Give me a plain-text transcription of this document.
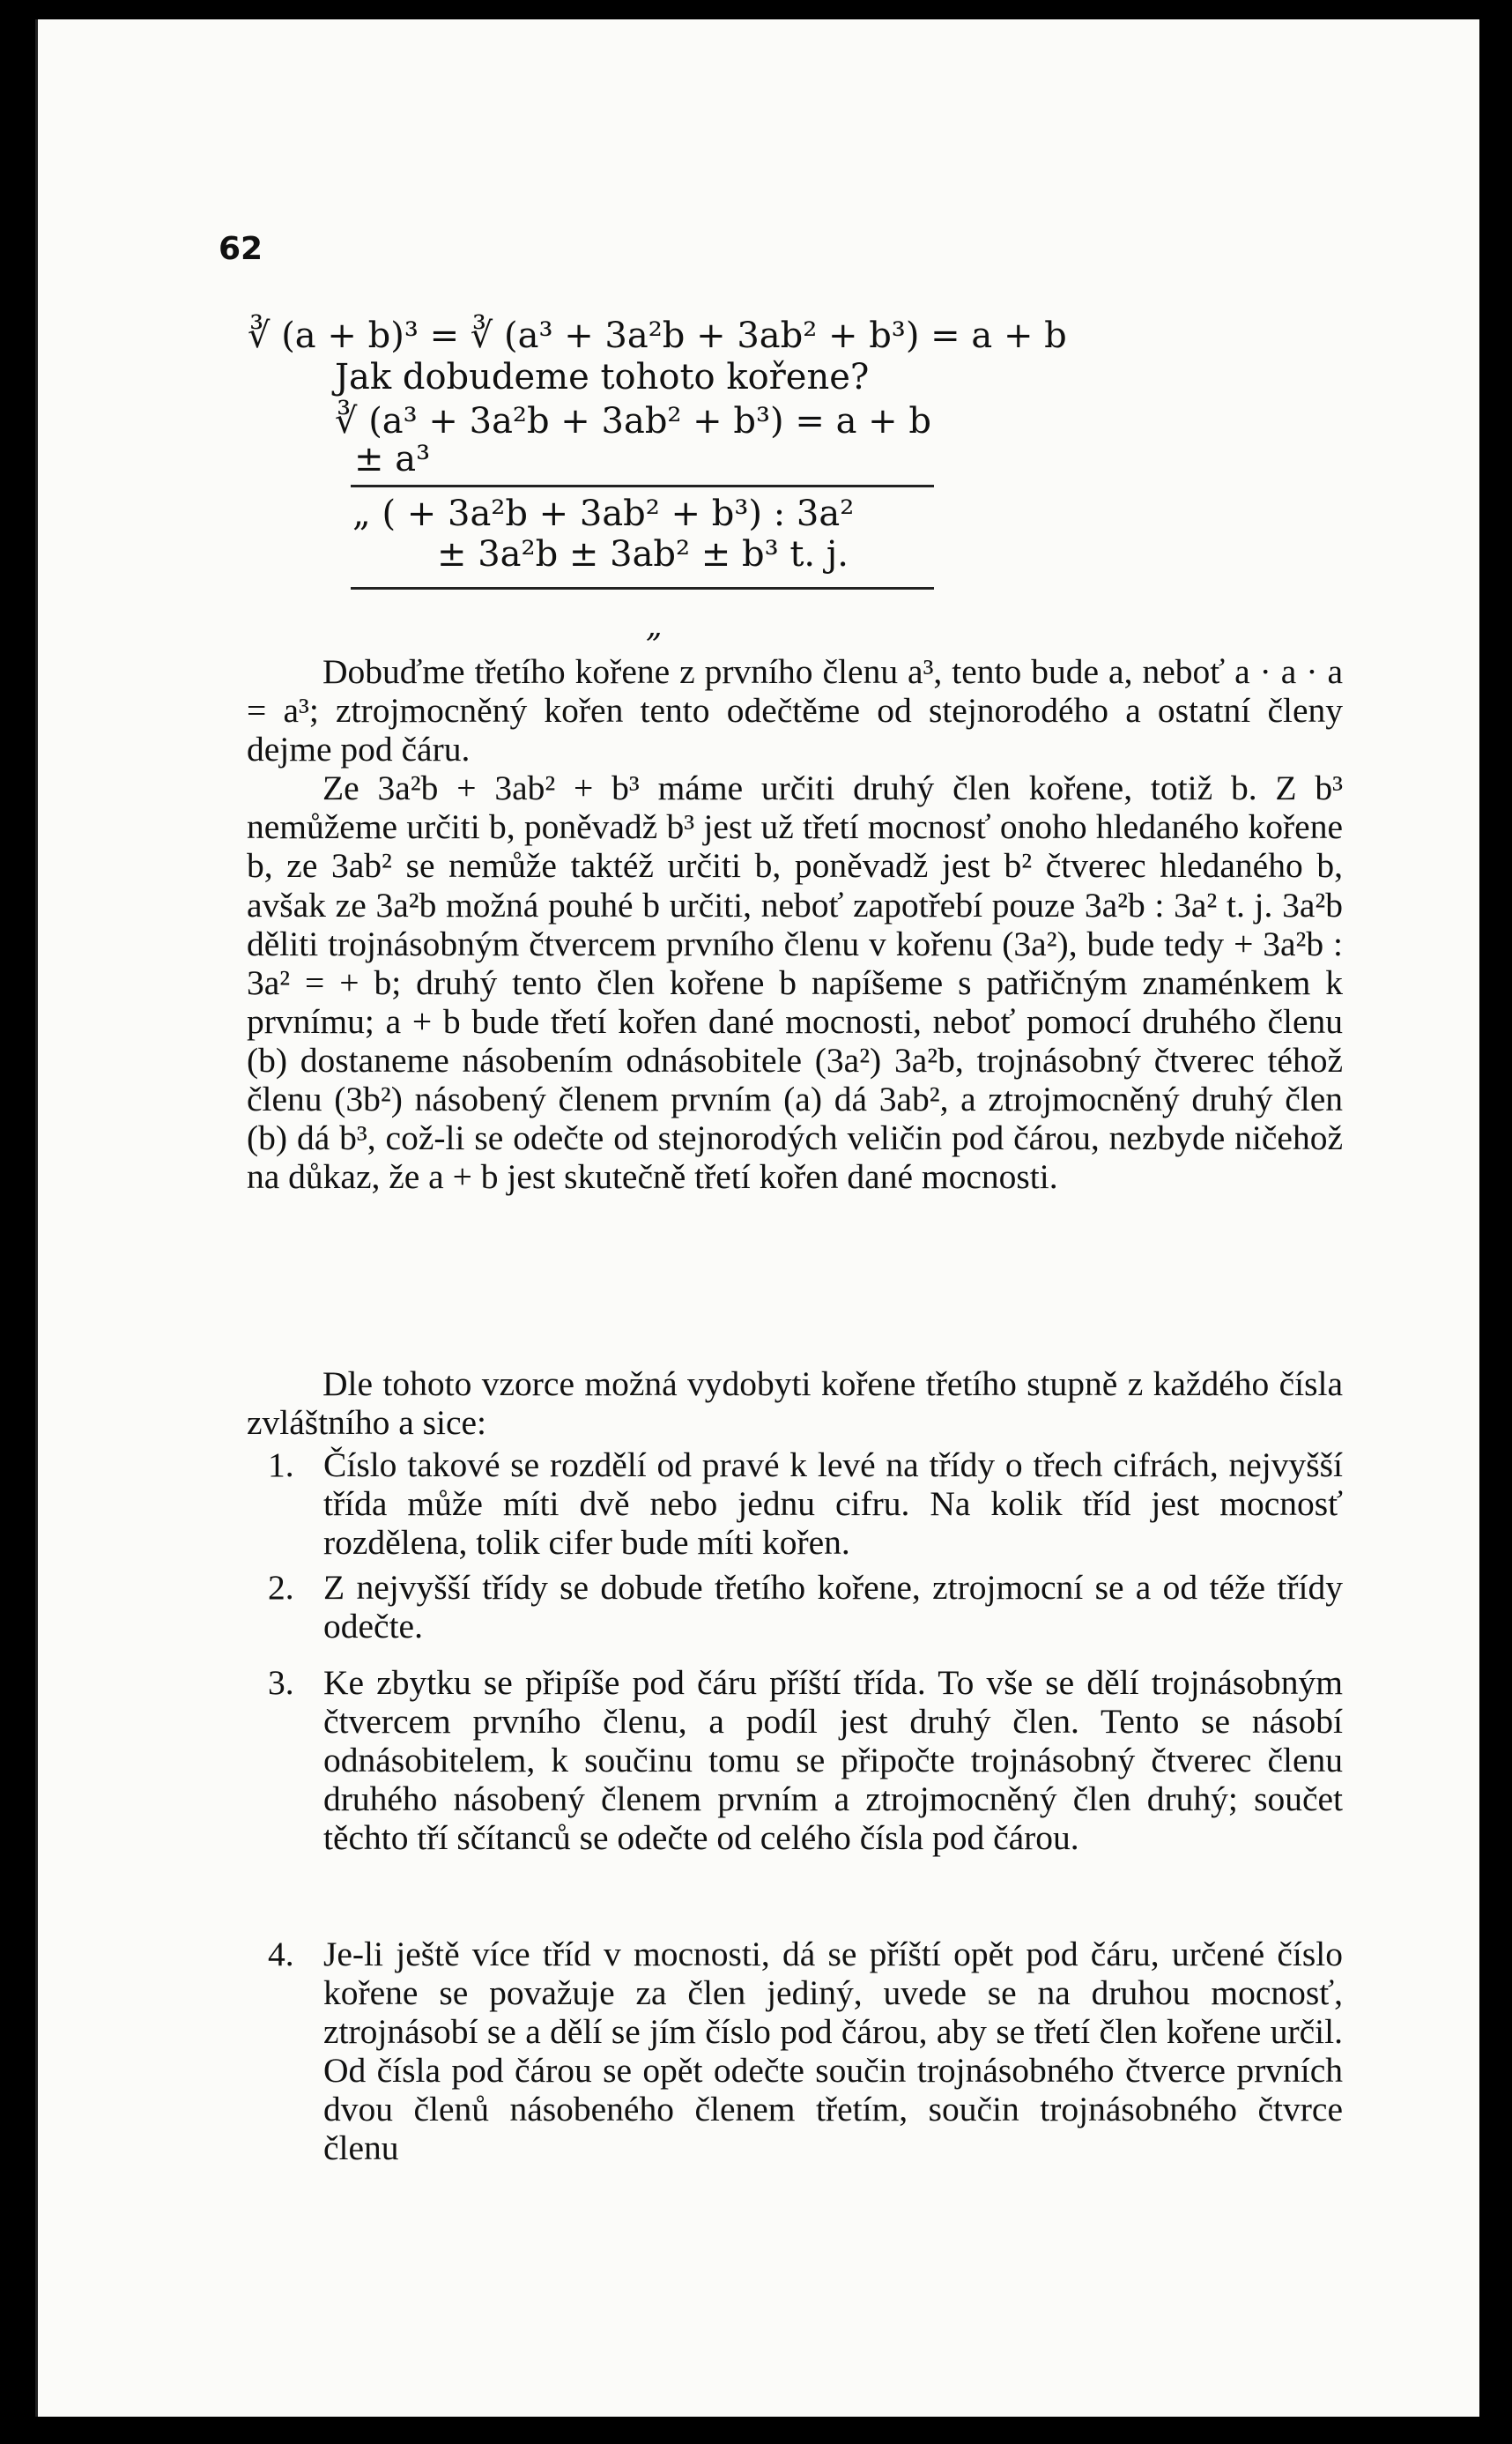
62
∛ (a + b)³ = ∛ (a³ + 3a²b + 3ab² + b³) = a + b
Jak dobudeme tohoto kořene?
∛ (a³ + 3a²b + 3ab² + b³) = a + b
± a³
„ ( + 3a²b + 3ab² + b³) : 3a²
± 3a²b ± 3ab² ± b³ t. j.
„

Dobuďme třetího kořene z prvního členu a³, tento bude a, neboť a · a · a = a³; ztrojmocněný kořen tento odečtěme od stejnorodého a ostatní členy dejme pod čáru.

Ze 3a²b + 3ab² + b³ máme určiti druhý člen kořene, totiž b. Z b³ nemůžeme určiti b, poněvadž b³ jest už třetí mocnosť onoho hledaného kořene b, ze 3ab² se nemůže taktéž určiti b, poněvadž jest b² čtverec hledaného b, avšak ze 3a²b možná pouhé b určiti, neboť zapotřebí pouze 3a²b : 3a² t. j. 3a²b děliti trojnásobným čtvercem prvního členu v kořenu (3a²), bude tedy + 3a²b : 3a² = + b; druhý tento člen kořene b napíšeme s patřičným znaménkem k prvnímu; a + b bude třetí kořen dané mocnosti, neboť pomocí druhého členu (b) dostaneme násobením odnásobitele (3a²) 3a²b, trojnásobný čtverec téhož členu (3b²) násobený členem prvním (a) dá 3ab², a ztrojmocněný druhý člen (b) dá b³, což-li se odečte od stejnorodých veličin pod čárou, nezbyde ničehož na důkaz, že a + b jest skutečně třetí kořen dané mocnosti.

Dle tohoto vzorce možná vydobyti kořene třetího stupně z každého čísla zvláštního a sice:

1. Číslo takové se rozdělí od pravé k levé na třídy o třech cifrách, nejvyšší třída může míti dvě nebo jednu cifru. Na kolik tříd jest mocnosť rozdělena, tolik cifer bude míti kořen.
2. Z nejvyšší třídy se dobude třetího kořene, ztrojmocní se a od téže třídy odečte.
3. Ke zbytku se připíše pod čáru příští třída. To vše se dělí trojnásobným čtvercem prvního členu, a podíl jest druhý člen. Tento se násobí odnásobitelem, k součinu tomu se připočte trojnásobný čtverec členu druhého násobený členem prvním a ztrojmocněný člen druhý; součet těchto tří sčítanců se odečte od celého čísla pod čárou.
4. Je-li ještě více tříd v mocnosti, dá se příští opět pod čáru, určené číslo kořene se považuje za člen jediný, uvede se na druhou mocnosť, ztrojnásobí se a dělí se jím číslo pod čárou, aby se třetí člen kořene určil. Od čísla pod čárou se opět odečte součin trojnásobného čtverce prvních dvou členů násobeného členem třetím, součin trojnásobného čtvrce členu
